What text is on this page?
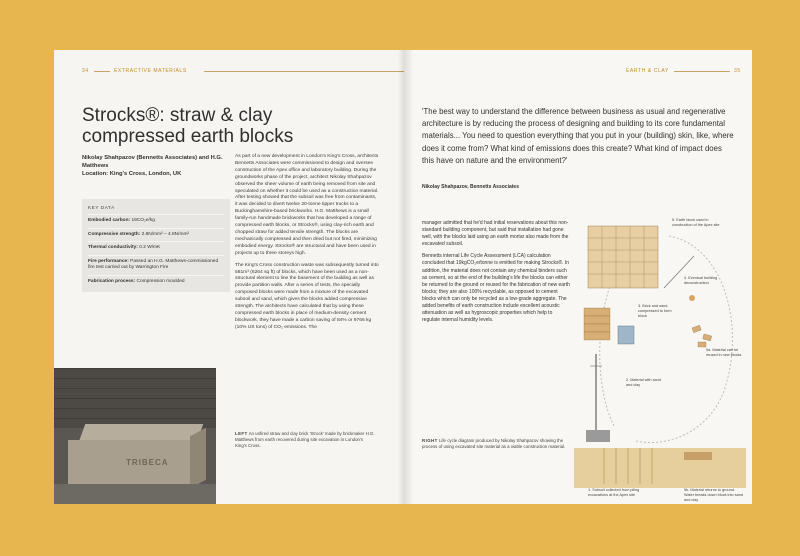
34	EXTRACTIVE MATERIALS
Strocks®: straw & clay compressed earth blocks
Nikolay Shahpazov (Bennetts Associates) and H.G. Matthews
Location: King's Cross, London, UK
KEY DATA
Embodied carbon: 19CO₂e/kg
Compressive strength: 2.6N/mm² – 4.8N/mm²
Thermal conductivity: 0.2 W/mK
Fire performance: Passed an H.G. Matthews-commissioned fire test carried out by Warrington Fire
Fabrication process: Compression moulded
TRIBECA

As part of a new development in London's King's Cross, architects Bennetts Associates were commissioned to design and oversee construction of the Apex office and laboratory building. During the groundworks phase of the project, architect Nikolay Shahpazov observed the sheer volume of earth being removed from site and speculated on whether it could be used as a construction material. After testing showed that the subsoil was free from contaminants, it was decided to divert twelve 20-tonne tipper trucks to a Buckinghamshire-based brickworks. H.G. Matthews is a small family-run handmade brickworks that has developed a range of compressed earth blocks, or Strocks®, using clay-rich earth and chopped straw for added tensile strength. The blocks are mechanically compressed and then dried but not fired, minimizing embodied energy. Strocks® are structural and have been used in projects up to three storeys high.

The King's Cross construction waste was subsequently turned into 581m³ (6264 sq ft) of blocks, which have been used as a non-structural element to line the basement of the building as well as provide partition walls. After a series of tests, the specially composed blocks were made from a mixture of the excavated subsoil and sand, which gives the blocks added compressive strength. The architects have calculated that by using these compressed earth blocks in place of medium-density cement blockwork, they have made a carbon saving of 84% or 9766 kg (10% US tons) of CO₂ emissions. The

LEFT An unfired straw and clay brick 'Strock' made by brickmaker H.G. Matthews from earth recovered during site excavation in London's King's Cross.
EARTH & CLAY	35
'The best way to understand the difference between business as usual and regenerative architecture is by reducing the process of designing and building to its core fundamental materials... You need to question everything that you put in your (building) skin, like, where does it come from? What kind of emissions does this create? What kind of impact does this have on nature and the environment?'
Nikolay Shahpazov, Bennetts Associates

manager admitted that he'd had initial reservations about this non-standard building component, but said that installation had gone well, with the blocks laid using an earth mortar also made from the excavated subsoil.

Bennetts internal Life Cycle Assessment (LCA) calculation concluded that 19kgCO₂e/tonne is emitted for making Strocks®. In addition, the material does not contain any chemical binders such as cement, so at the end of the building's life the blocks can either be returned to the ground or reused for the fabrication of new earth blocks; they are also 100% recyclable, as opposed to cement blocks which can only be recycled as a low-grade aggregate. The added benefits of earth construction include excellent acoustic attenuation as well as hygroscopic properties which help to regulate internal humidity levels.

RIGHT Life cycle diagram produced by Nikolay Shahpazov showing the process of using excavated site material as a viable construction material.
5. Earth block used in construction of the Apex site
4. Eventual building deconstruction
3. Brick and sand compressed to form block
5a. Material can be reused in new blocks
2. Material with sand and clay
1. Subsoil collected from piling excavations at the Apex site
5b. Material returns to ground. Water breaks down block into sand and clay
